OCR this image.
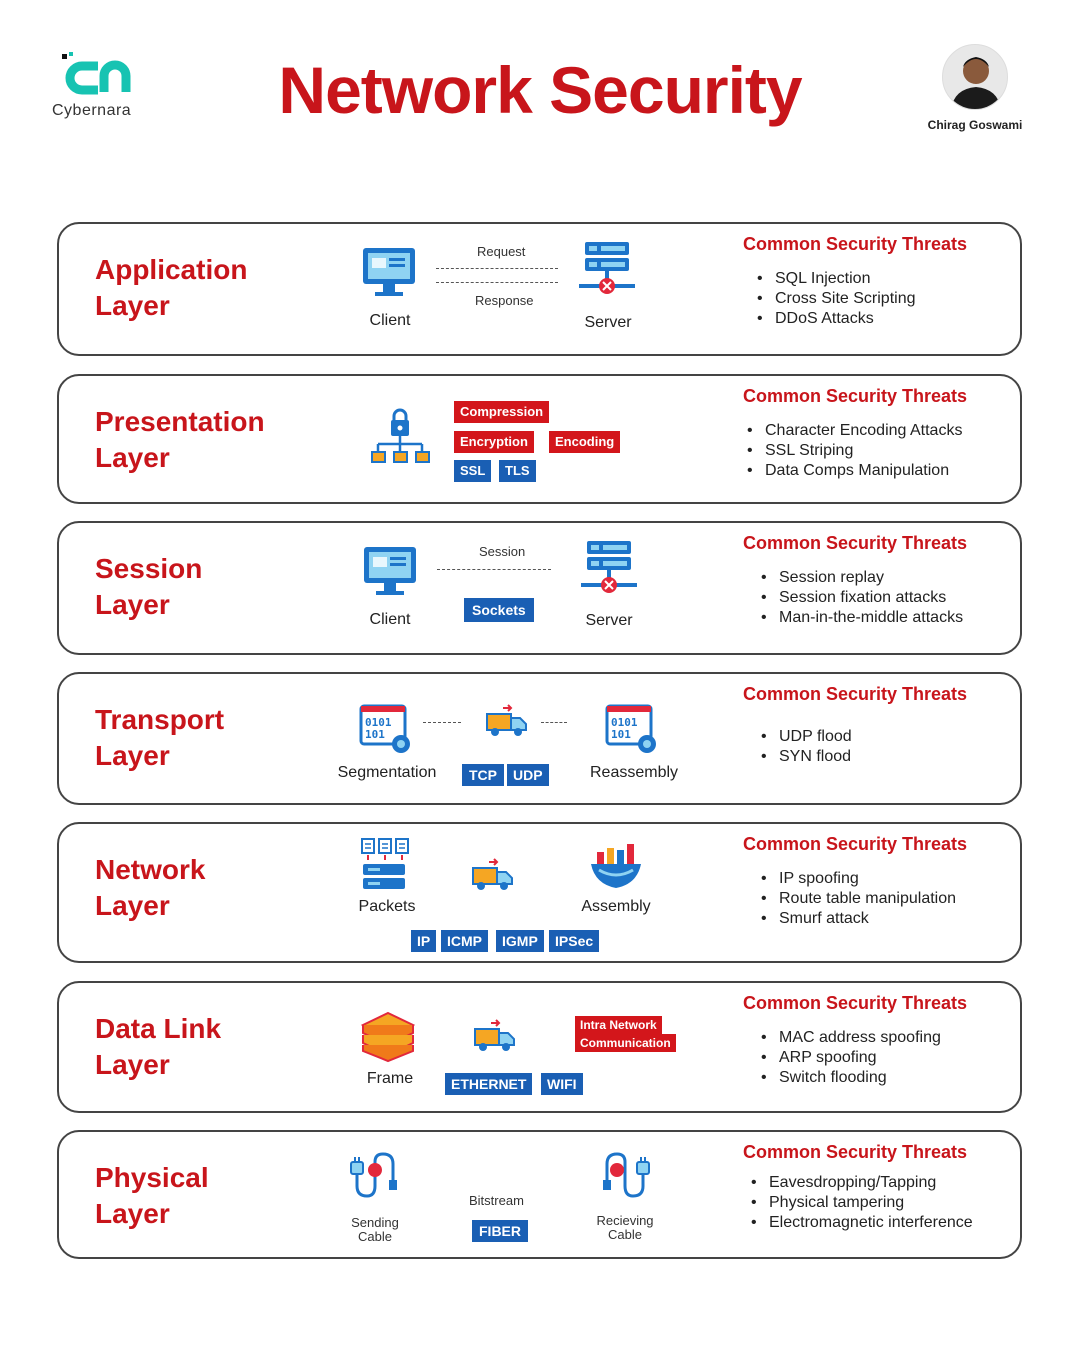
Cybernara	Network Security	Chirag Goswami
Application
Layer	Client
Request
Response
Server
Common Security Threats
• SQL Injection
• Cross Site Scripting
• DDoS Attacks
Presentation
Layer
Compression
Encryption	Encoding
SSL	TLS
Common Security Threats
• Character Encoding Attacks
• SSL Striping
• Data Comps Manipulation
Session
Layer	Client
Session
Sockets
Server
Common Security Threats
• Session replay
• Session fixation attacks
• Man-in-the-middle attacks
Transport
Layer
0101
101
Segmentation
0101
101
Reassembly
TCP	UDP
Common Security Threats
• UDP flood
• SYN flood
Network
Layer	Packets	Assembly
IP	ICMP	IGMP	IPSec
Common Security Threats
• IP spoofing
• Route table manipulation
• Smurf attack
Data Link
Layer	Frame
Intra Network
Communication
ETHERNET	WIFI
Common Security Threats
• MAC address spoofing
• ARP spoofing
• Switch flooding
Physical
Layer	Sending
Cable
Bitstream
FIBER
Recieving
Cable
Common Security Threats
• Eavesdropping/Tapping
• Physical tampering
• Electromagnetic interference
